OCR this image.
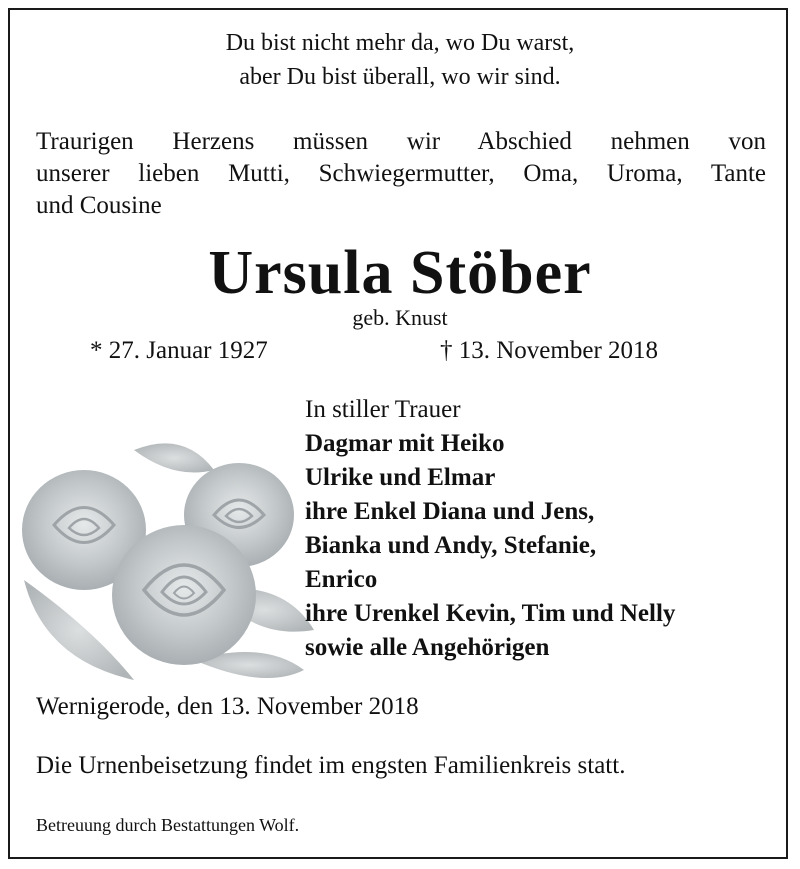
Du bist nicht mehr da, wo Du warst,
aber Du bist überall, wo wir sind.
Traurigen Herzens müssen wir Abschied nehmen von
unserer lieben Mutti, Schwiegermutter, Oma, Uroma, Tante
und Cousine
Ursula Stöber
geb. Knust
* 27. Januar 1927	† 13. November 2018
In stiller Trauer
Dagmar mit Heiko
Ulrike und Elmar
ihre Enkel Diana und Jens,
Bianka und Andy, Stefanie,
Enrico
ihre Urenkel Kevin, Tim und Nelly
sowie alle Angehörigen
Wernigerode, den 13. November 2018
Die Urnenbeisetzung findet im engsten Familienkreis statt.
Betreuung durch Bestattungen Wolf.
